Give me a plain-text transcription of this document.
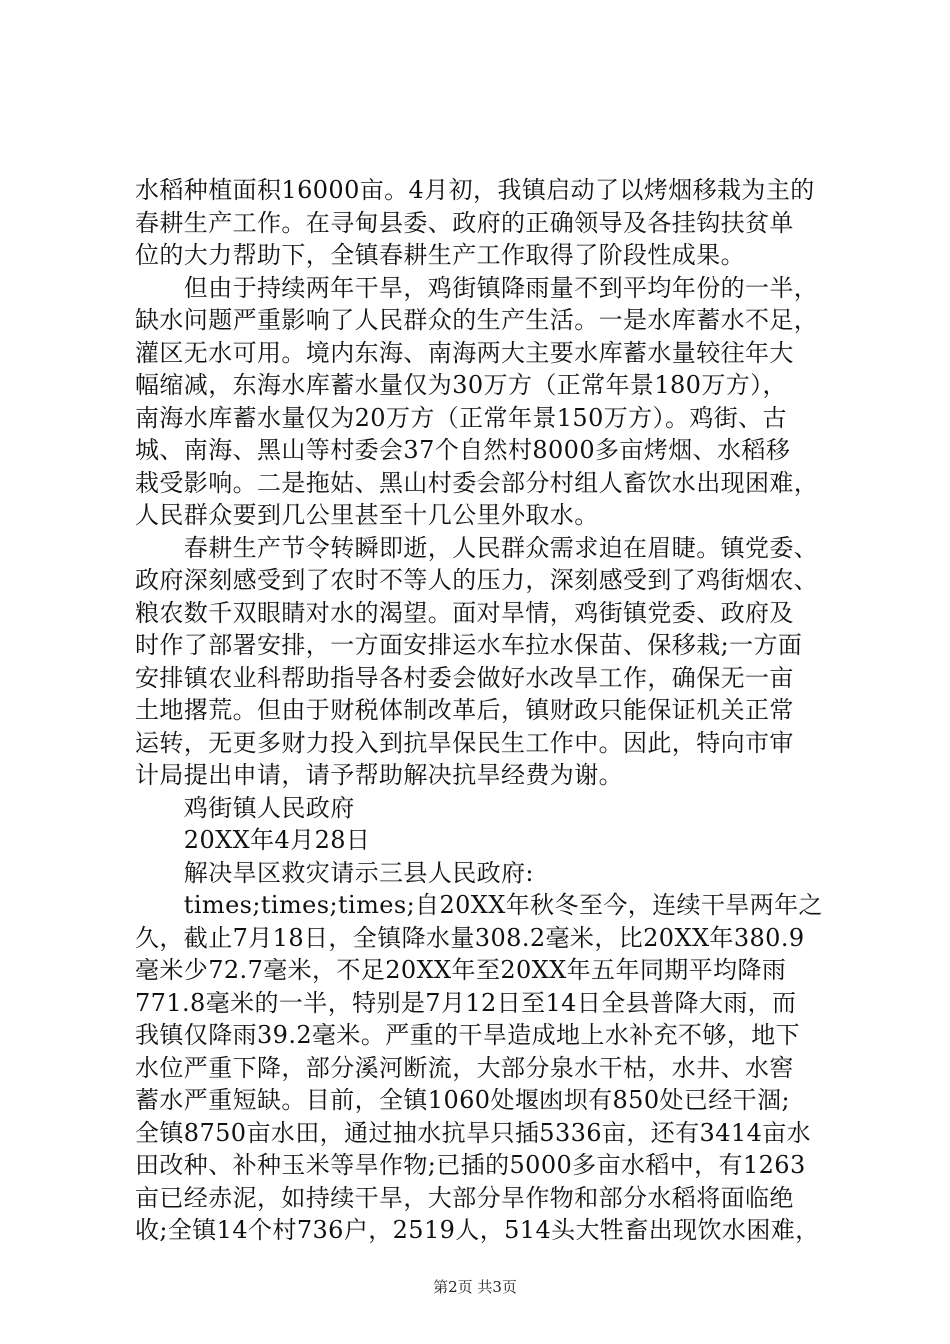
水稻种植面积16000亩。4月初，我镇启动了以烤烟移栽为主的
春耕生产工作。在寻甸县委、政府的正确领导及各挂钩扶贫单
位的大力帮助下，全镇春耕生产工作取得了阶段性成果。
　　但由于持续两年干旱，鸡街镇降雨量不到平均年份的一半，
缺水问题严重影响了人民群众的生产生活。一是水库蓄水不足，
灌区无水可用。境内东海、南海两大主要水库蓄水量较往年大
幅缩减，东海水库蓄水量仅为30万方（正常年景180万方），
南海水库蓄水量仅为20万方（正常年景150万方）。鸡街、古
城、南海、黑山等村委会37个自然村8000多亩烤烟、水稻移
栽受影响。二是拖姑、黑山村委会部分村组人畜饮水出现困难，
人民群众要到几公里甚至十几公里外取水。
　　春耕生产节令转瞬即逝，人民群众需求迫在眉睫。镇党委、
政府深刻感受到了农时不等人的压力，深刻感受到了鸡街烟农、
粮农数千双眼睛对水的渴望。面对旱情，鸡街镇党委、政府及
时作了部署安排，一方面安排运水车拉水保苗、保移栽;一方面
安排镇农业科帮助指导各村委会做好水改旱工作，确保无一亩
土地撂荒。但由于财税体制改革后，镇财政只能保证机关正常
运转，无更多财力投入到抗旱保民生工作中。因此，特向市审
计局提出申请，请予帮助解决抗旱经费为谢。
　　鸡街镇人民政府
　　20XX年4月28日
　　解决旱区救灾请示三县人民政府:
　　times;times;times;自20XX年秋冬至今，连续干旱两年之
久，截止7月18日，全镇降水量308.2毫米，比20XX年380.9
毫米少72.7毫米，不足20XX年至20XX年五年同期平均降雨
771.8毫米的一半，特别是7月12日至14日全县普降大雨，而
我镇仅降雨39.2毫米。严重的干旱造成地上水补充不够，地下
水位严重下降，部分溪河断流，大部分泉水干枯，水井、水窖
蓄水严重短缺。目前，全镇1060处堰凼坝有850处已经干涸;
全镇8750亩水田，通过抽水抗旱只插5336亩，还有3414亩水
田改种、补种玉米等旱作物;已插的5000多亩水稻中，有1263
亩已经赤泥，如持续干旱，大部分旱作物和部分水稻将面临绝
收;全镇14个村736户，2519人，514头大牲畜出现饮水困难，
第2页 共3页
